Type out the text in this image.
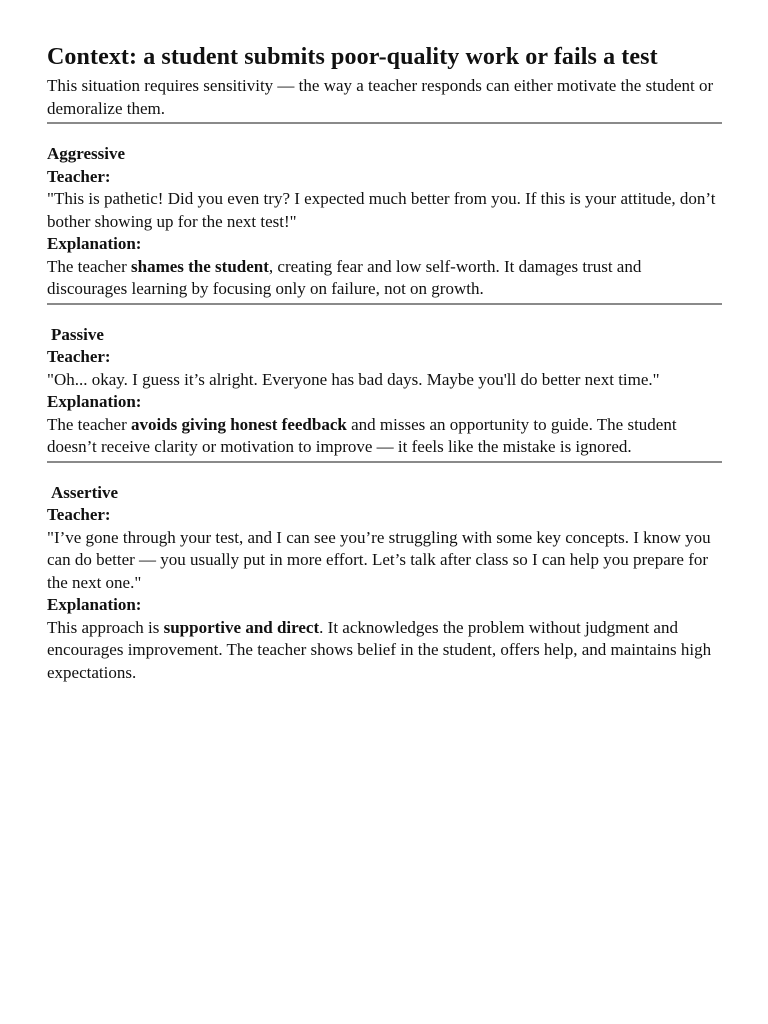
Context: a student submits poor-quality work or fails a test

This situation requires sensitivity — the way a teacher responds can either motivate the student or demoralize them.

Aggressive

Teacher:

"This is pathetic! Did you even try? I expected much better from you. If this is your attitude, don’t bother showing up for the next test!"

Explanation:

The teacher shames the student, creating fear and low self-worth. It damages trust and discourages learning by focusing only on failure, not on growth.

Passive

Teacher:

"Oh... okay. I guess it’s alright. Everyone has bad days. Maybe you'll do better next time."

Explanation:

The teacher avoids giving honest feedback and misses an opportunity to guide. The student doesn’t receive clarity or motivation to improve — it feels like the mistake is ignored.

Assertive

Teacher:

"I’ve gone through your test, and I can see you’re struggling with some key concepts. I know you can do better — you usually put in more effort. Let’s talk after class so I can help you prepare for the next one."

Explanation:

This approach is supportive and direct. It acknowledges the problem without judgment and encourages improvement. The teacher shows belief in the student, offers help, and maintains high expectations.
